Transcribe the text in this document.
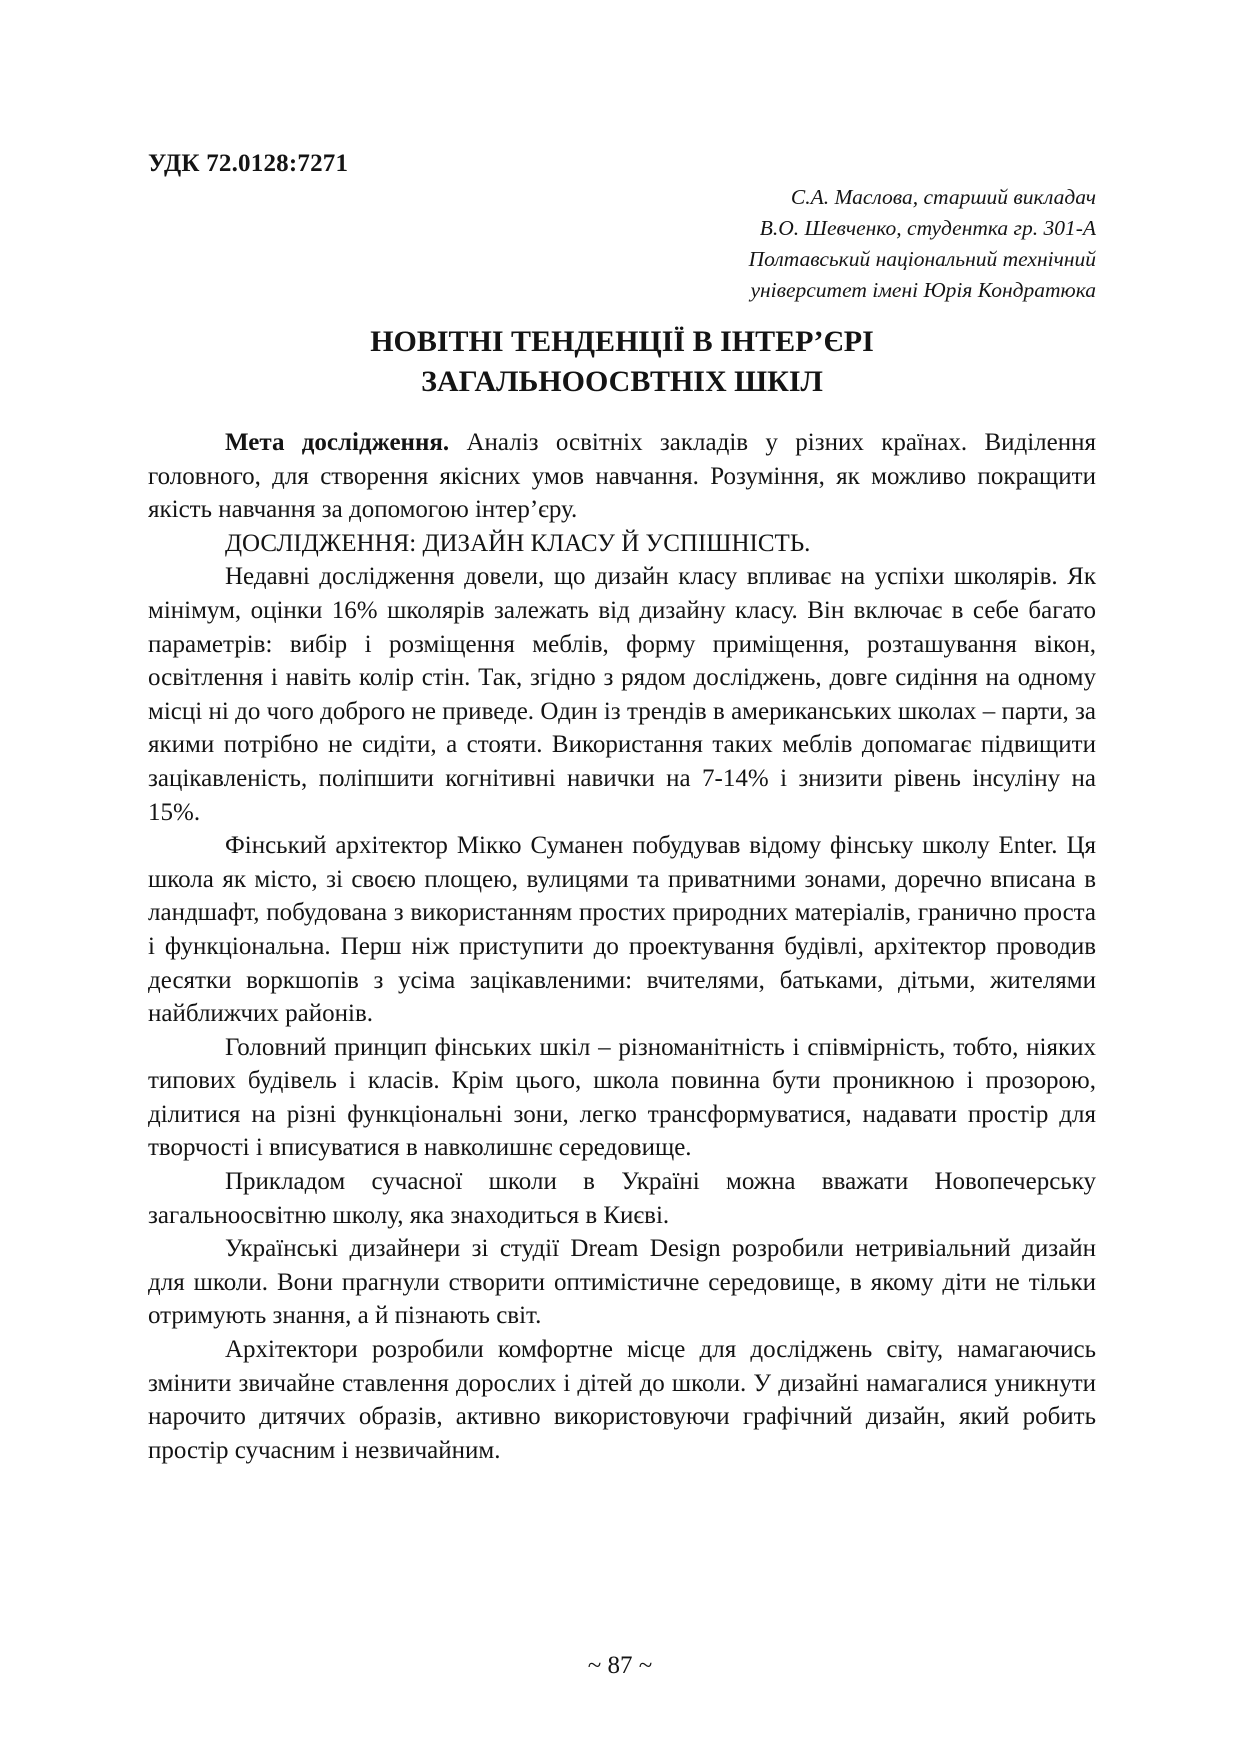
УДК 72.0128:7271
С.А. Маслова, старший викладач
В.О. Шевченко, студентка гр. 301-А
Полтавський національний технічний
університет імені Юрія Кондратюка
НОВІТНІ ТЕНДЕНЦІЇ В ІНТЕР’ЄРІ
ЗАГАЛЬНООСВТНІХ ШКІЛ

Мета дослідження. Аналіз освітніх закладів у різних країнах. Виділення головного, для створення якісних умов навчання. Розуміння, як можливо покращити якість навчання за допомогою інтер’єру.

ДОСЛІДЖЕННЯ: ДИЗАЙН КЛАСУ Й УСПІШНІСТЬ.

Недавні дослідження довели, що дизайн класу впливає на успіхи школярів. Як мінімум, оцінки 16% школярів залежать від дизайну класу. Він включає в себе багато параметрів: вибір і розміщення меблів, форму приміщення, розташування вікон, освітлення і навіть колір стін. Так, згідно з рядом досліджень, довге сидіння на одному місці ні до чого доброго не приведе. Один із трендів в американських школах – парти, за якими потрібно не сидіти, а стояти. Використання таких меблів допомагає підвищити зацікавленість, поліпшити когнітивні навички на 7-14% і знизити рівень інсуліну на 15%.

Фінський архітектор Мікко Суманен побудував відому фінську школу Enter. Ця школа як місто, зі своєю площею, вулицями та приватними зонами, доречно вписана в ландшафт, побудована з використанням простих природних матеріалів, гранично проста і функціональна. Перш ніж приступити до проектування будівлі, архітектор проводив десятки воркшопів з усіма зацікавленими: вчителями, батьками, дітьми, жителями найближчих районів.

Головний принцип фінських шкіл – різноманітність і співмірність, тобто, ніяких типових будівель і класів. Крім цього, школа повинна бути проникною і прозорою, ділитися на різні функціональні зони, легко трансформуватися, надавати простір для творчості і вписуватися в навколишнє середовище.

Прикладом сучасної школи в Україні можна вважати Новопечерську загальноосвітню школу, яка знаходиться в Києві.

Українські дизайнери зі студії Dream Design розробили нетривіальний дизайн для школи. Вони прагнули створити оптимістичне середовище, в якому діти не тільки отримують знання, а й пізнають світ.

Архітектори розробили комфортне місце для досліджень світу, намагаючись змінити звичайне ставлення дорослих і дітей до школи. У дизайні намагалися уникнути нарочито дитячих образів, активно використовуючи графічний дизайн, який робить простір сучасним і незвичайним.

~ 87 ~
